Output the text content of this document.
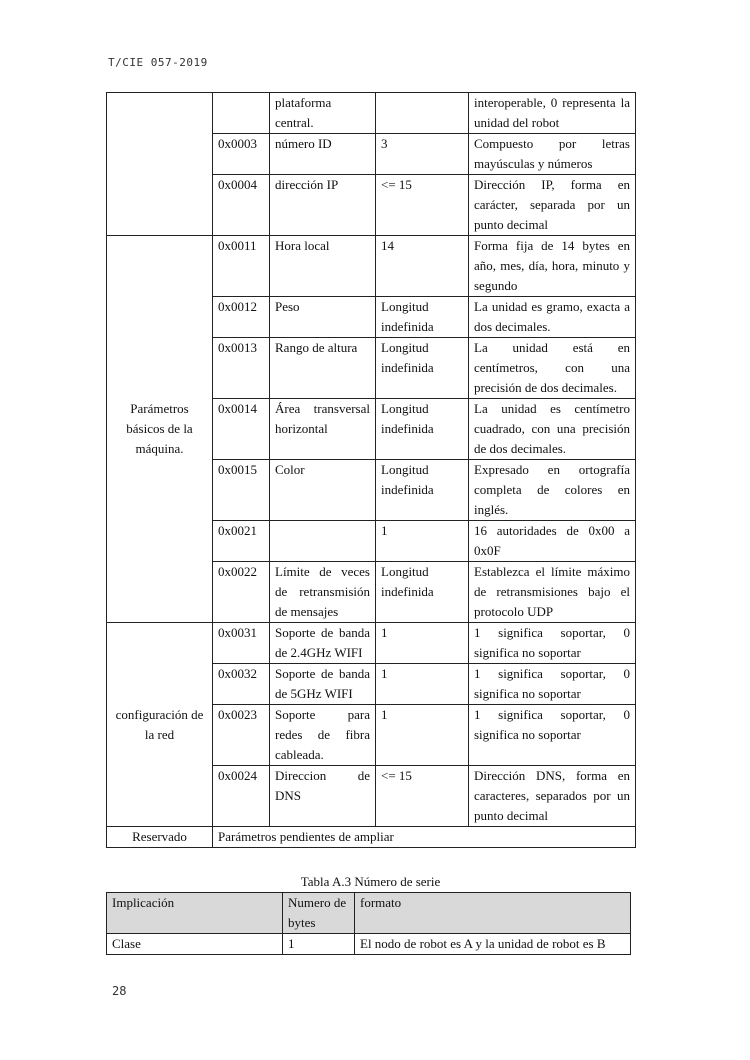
T/CIE 057-2019
		plataforma central.		interoperable, 0 representa la unidad del robot
	0x0003	número ID	3	Compuesto por letras mayúsculas y números
	0x0004	dirección IP	<= 15	Dirección IP, forma en carácter, separada por un punto decimal
Parámetros básicos de la máquina.	0x0011	Hora local	14	Forma fija de 14 bytes en año, mes, día, hora, minuto y segundo
	0x0012	Peso	Longitud indefinida	La unidad es gramo, exacta a dos decimales.
	0x0013	Rango de altura	Longitud indefinida	La unidad está en centímetros, con una precisión de dos decimales.
	0x0014	Área transversal horizontal	Longitud indefinida	La unidad es centímetro cuadrado, con una precisión de dos decimales.
	0x0015	Color	Longitud indefinida	Expresado en ortografía completa de colores en inglés.
	0x0021		1	16 autoridades de 0x00 a 0x0F
	0x0022	Límite de veces de retransmisión de mensajes	Longitud indefinida	Establezca el límite máximo de retransmisiones bajo el protocolo UDP
configuración de la red	0x0031	Soporte de banda de 2.4GHz WIFI	1	1 significa soportar, 0 significa no soportar
	0x0032	Soporte de banda de 5GHz WIFI	1	1 significa soportar, 0 significa no soportar
	0x0023	Soporte para redes de fibra cableada.	1	1 significa soportar, 0 significa no soportar
	0x0024	Direccion de DNS	<= 15	Dirección DNS, forma en caracteres, separados por un punto decimal
Reservado	Parámetros pendientes de ampliar			
Tabla A.3 Número de serie
Implicación	Numero de bytes	formato
Clase	1	El nodo de robot es A y la unidad de robot es B
28
